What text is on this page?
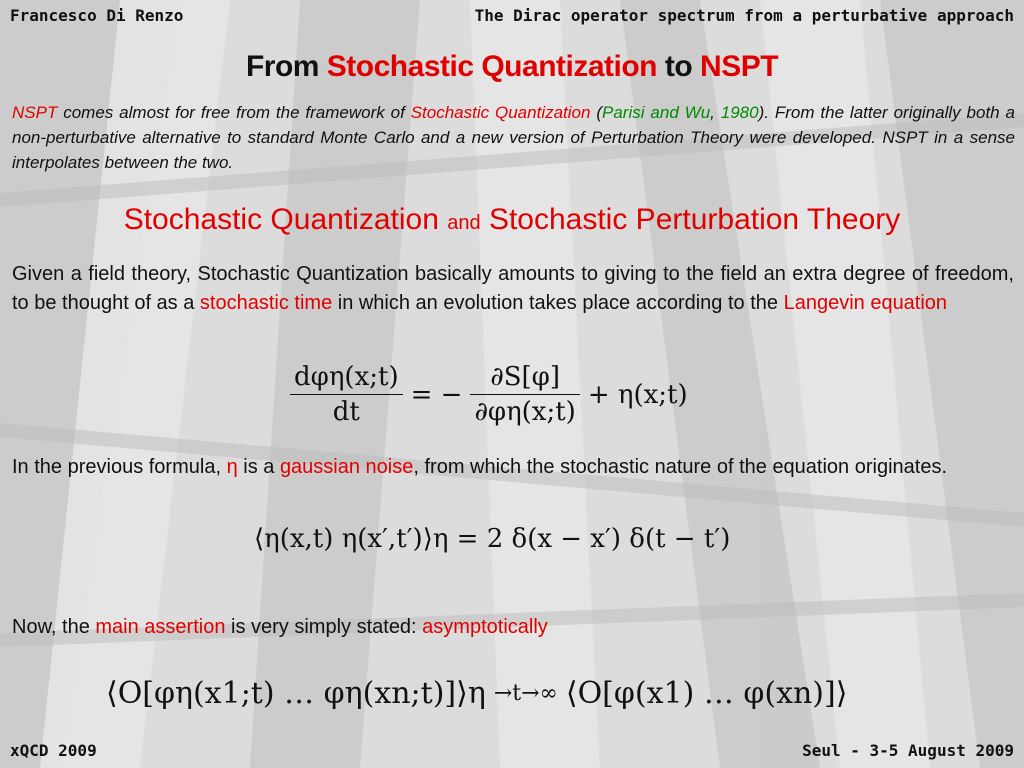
Francesco Di Renzo	The Dirac operator spectrum from a perturbative approach
From Stochastic Quantization to NSPT
NSPT comes almost for free from the framework of Stochastic Quantization (Parisi and Wu, 1980). From the latter originally both a non-perturbative alternative to standard Monte Carlo and a new version of Perturbation Theory were developed. NSPT in a sense interpolates between the two.
Stochastic Quantization and Stochastic Perturbation Theory
Given a field theory, Stochastic Quantization basically amounts to giving to the field an extra degree of freedom, to be thought of as a stochastic time in which an evolution takes place according to the Langevin equation
$\frac{\text{dφη(x;t)}}{dt}$ = − $\frac{\partial S[\varphi]}{\partial\varphi\eta(x;t)}$ + η(x;t)
In the previous formula, η is a gaussian noise, from which the stochastic nature of the equation originates.
⟨η(x,t) η(x′,t′)⟩η = 2 δ(x − x′) δ(t − t′)
Now, the main assertion is very simply stated: asymptotically
⟨O[φη(x1;t) … φη(xn;t)]⟩η →t→∞ ⟨O[φ(x1) … φ(xn)]⟩
xQCD 2009	Seul - 3-5 August 2009
